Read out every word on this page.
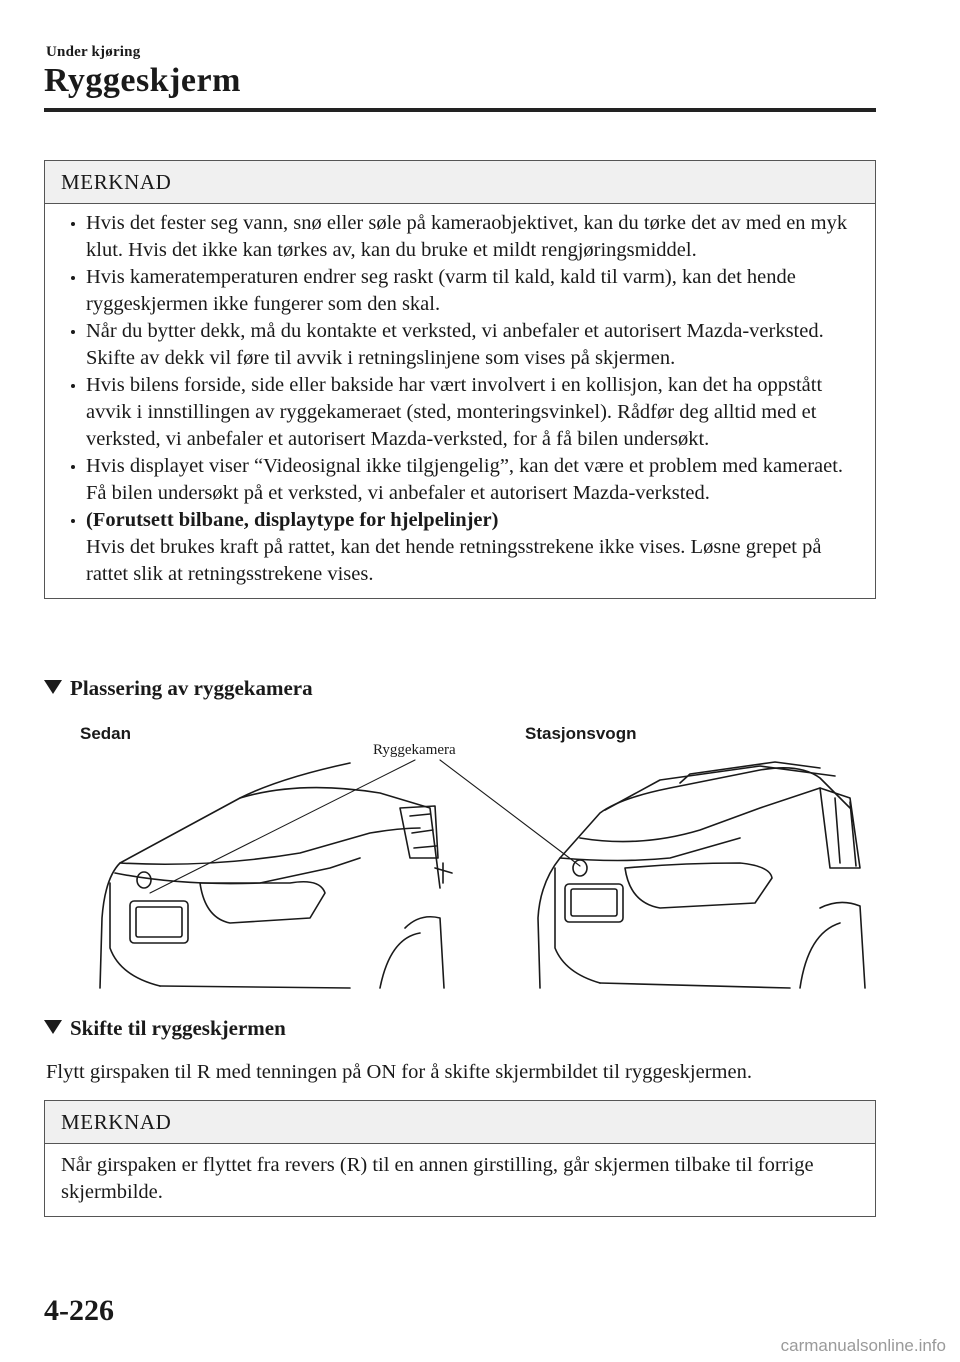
Under kjøring
Ryggeskjerm
MERKNAD

Hvis det fester seg vann, snø eller søle på kameraobjektivet, kan du tørke det av med en myk klut. Hvis det ikke kan tørkes av, kan du bruke et mildt rengjøringsmiddel.

Hvis kameratemperaturen endrer seg raskt (varm til kald, kald til varm), kan det hende ryggeskjermen ikke fungerer som den skal.

Når du bytter dekk, må du kontakte et verksted, vi anbefaler et autorisert Mazda-verksted. Skifte av dekk vil føre til avvik i retningslinjene som vises på skjermen.

Hvis bilens forside, side eller bakside har vært involvert i en kollisjon, kan det ha oppstått avvik i innstillingen av ryggekameraet (sted, monteringsvinkel). Rådfør deg alltid med et verksted, vi anbefaler et autorisert Mazda-verksted, for å få bilen undersøkt.

Hvis displayet viser “Videosignal ikke tilgjengelig”, kan det være et problem med kameraet. Få bilen undersøkt på et verksted, vi anbefaler et autorisert Mazda-verksted.

(Forutsett bilbane, displaytype for hjelpelinjer)
Hvis det brukes kraft på rattet, kan det hende retningsstrekene ikke vises. Løsne grepet på rattet slik at retningsstrekene vises.

Plassering av ryggekamera
Sedan	Stasjonsvogn
Ryggekamera
Skifte til ryggeskjermen
Flytt girspaken til R med tenningen på ON for å skifte skjermbildet til ryggeskjermen.
MERKNAD
Når girspaken er flyttet fra revers (R) til en annen girstilling, går skjermen tilbake til forrige skjermbilde.
4-226
carmanualsonline.info
